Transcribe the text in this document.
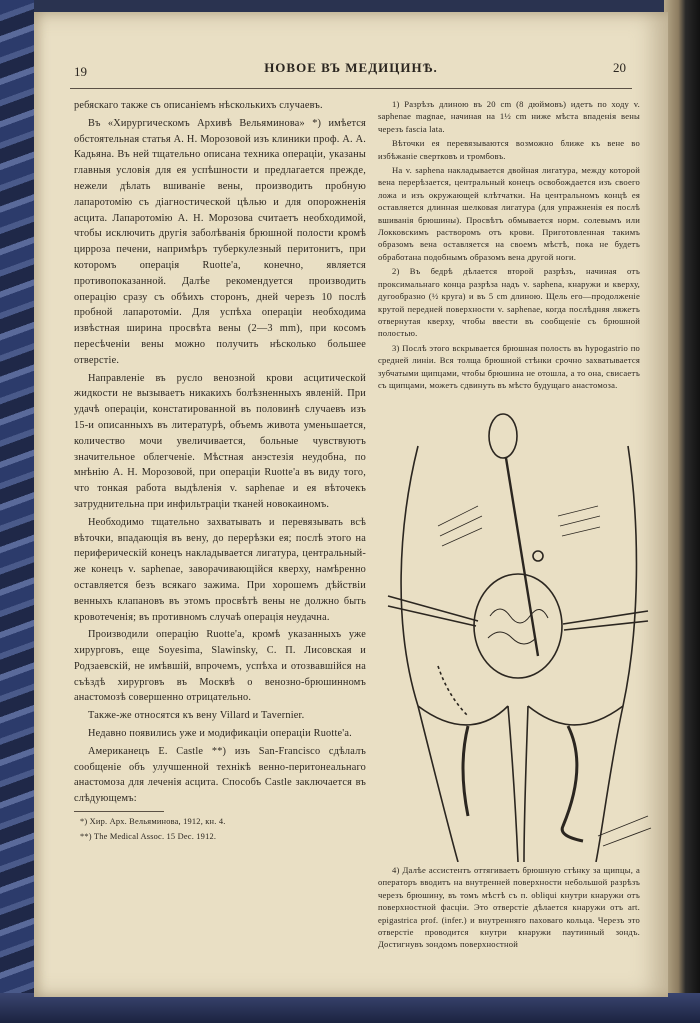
19	НОВОЕ ВЪ МЕДИЦИНѢ.	20

ребяскаго также съ описаніемъ нѣсколькихъ случаевъ.

Въ «Хирургическомъ Архивѣ Вельяминова» *) имѣется обстоятельная статья А. Н. Морозовой изъ клиники проф. А. А. Кадьяна. Въ ней тщательно описана техника операціи, указаны главныя условія для ея успѣшности и предлагается прежде, нежели дѣлать вшиваніе вены, производить пробную лапаротомію съ діагностической цѣлью и для опорожненія асцита. Лапаротомію А. Н. Морозова считаетъ необходимой, чтобы исключить другія заболѣванія брюшной полости кромѣ цирроза печени, напримѣръ туберкулезный перитонитъ, при которомъ операція Ruotte'а, конечно, является противопоказанной. Далѣе рекомендуется производить операцію сразу съ обѣихъ сторонъ, дней черезъ 10 послѣ пробной лапаротоміи. Для успѣха операціи необходима извѣстная ширина просвѣта вены (2—3 mm), при косомъ пересѣченіи вены можно получить нѣсколько большее отверстіе.

Направленіе въ русло венозной крови асцитической жидкости не вызываетъ никакихъ болѣзненныхъ явленій. При удачѣ операціи, констатированной въ половинѣ случаевъ изъ 15-и описанныхъ въ литературѣ, объемъ живота уменьшается, количество мочи увеличивается, больные чувствуютъ значительное облегченіе. Мѣстная анэстезія неудобна, по мнѣнію А. Н. Морозовой, при операціи Ruotte'а въ виду того, что тонкая работа выдѣленія v. saphenae и ея вѣточекъ затруднительна при инфильтраціи тканей новокаиномъ.

Необходимо тщательно захватывать и перевязывать всѣ вѣточки, впадающія въ вену, до перерѣзки ея; послѣ этого на периферическій конецъ накладывается лигатура, центральный-же конецъ v. saphenae, заворачивающійся кверху, намѣренно оставляется безъ всякаго зажима. При хорошемъ дѣйствіи венныхъ клапановъ въ этомъ просвѣтѣ вены не должно быть кровотеченія; въ противномъ случаѣ операція неудачна.

Производили операцію Ruotte'а, кромѣ указанныхъ уже хирурговъ, еще Soyesima, Slawinsky, С. П. Лисовская и Родзаевскій, не имѣвшій, впрочемъ, успѣха и отозвавшійся на съѣздѣ хирурговъ въ Москвѣ о венозно-брюшинномъ анастомозѣ совершенно отрицательно.

Также-же относятся къ вену Villard и Tavernier.

Недавно появились уже и модификаціи операціи Ruotte'а.

Американецъ E. Castle **) изъ San-Francisco сдѣлалъ сообщеніе объ улучшенной технікѣ венно-перитонеальнаго анастомоза для леченія асцита. Способъ Castle заключается въ слѣдующемъ:

*) Хир. Арх. Вельяминова, 1912, кн. 4.

**) The Medical Assoc. 15 Dec. 1912.

1) Разрѣзъ длиною въ 20 cm (8 дюймовъ) идетъ по ходу v. saphenae magnae, начиная на 1½ cm ниже мѣста впаденія вены черезъ fascia lata.

Вѣточки ея перевязываются возможно ближе къ вене во избѣжаніе свертковъ и тромбовъ.

На v. saphena накладывается двойная лигатура, между которой вена перерѣзается, центральный конецъ освобождается изъ своего ложа и изъ окружающей клѣтчатки. На центральномъ концѣ ея оставляется длинная шелковая лигатура (для упражненія ея послѣ вшиванія брюшины). Просвѣтъ обмывается норм. солевымъ или Локковскимъ растворомъ отъ крови. Приготовленная такимъ образомъ вена оставляется на своемъ мѣстѣ, пока не будетъ обработана подобнымъ образомъ вена другой ноги.

2) Въ бедрѣ дѣлается второй разрѣзъ, начиная отъ проксимальнаго конца разрѣза надъ v. saphena, кнаружи и кверху, дугообразно (½ круга) и въ 5 cm длиною. Щель его—продолженіе крутой передней поверхности v. saphenae, когда послѣдняя ляжетъ отвернутая кверху, чтобы ввести въ сообщеніе съ брюшной полостью.

3) Послѣ этого вскрывается брюшная полость въ hypogastrio по средней линіи. Вся толща брюшной стѣнки срочно захватывается зубчатыми щипцами, чтобы брюшина не отошла, а то она, свисаетъ съ щипцами, можетъ сдвинуть въ мѣсто будущаго анастомоза.

4) Далѣе ассистентъ оттягиваетъ брюшную стѣнку за щипцы, а операторъ вводитъ на внутренней поверхности небольшой разрѣзъ черезъ брюшину, въ томъ мѣстѣ съ п. obliqui кнутри кнаружи отъ поверхностной фасціи. Это отверстіе дѣлается кнаружи отъ art. epigastrica prof. (infer.) и внутренняго паховаго кольца. Черезъ это отверстіе проводится кнутри кнаружи паутинный зондъ. Достигнувъ зондомъ поверхностной
